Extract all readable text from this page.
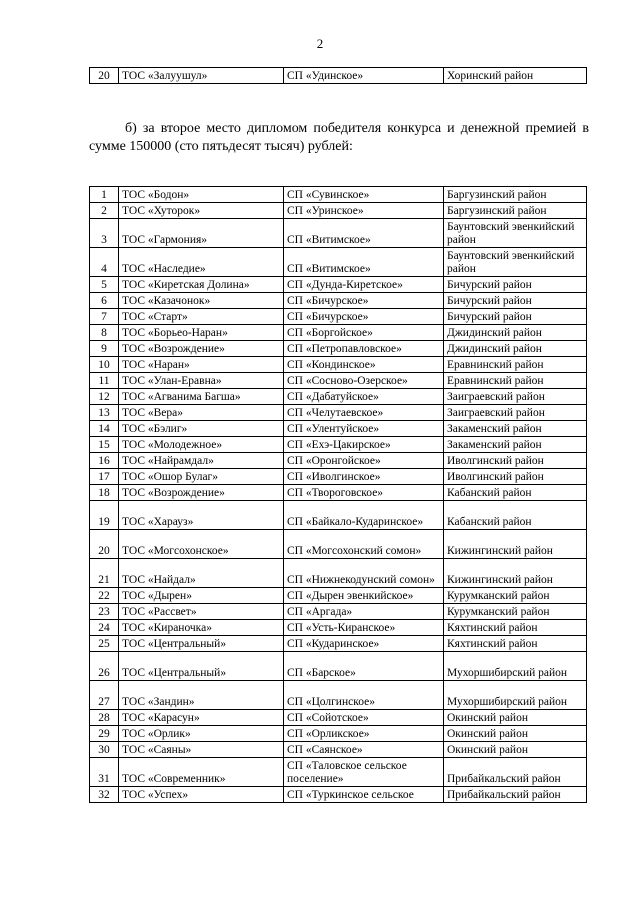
2
20	ТОС «Залуушул»	СП «Удинское»	Хоринский район

б) за второе место дипломом победителя конкурса и денежной премией в сумме 150000 (сто пятьдесят тысяч) рублей:

1	ТОС «Бодон»	СП «Сувинское»	Баргузинский район
2	ТОС «Хуторок»	СП «Уринское»	Баргузинский район
3	ТОС «Гармония»	СП «Витимское»	Баунтовский эвенкийский район
4	ТОС «Наследие»	СП «Витимское»	Баунтовский эвенкийский район
5	ТОС «Киретская Долина»	СП «Дунда-Киретское»	Бичурский район
6	ТОС «Казачонок»	СП «Бичурское»	Бичурский район
7	ТОС «Старт»	СП «Бичурское»	Бичурский район
8	ТОС «Борьео-Наран»	СП «Боргойское»	Джидинский район
9	ТОС «Возрождение»	СП «Петропавловское»	Джидинский район
10	ТОС «Наран»	СП «Кондинское»	Еравнинский район
11	ТОС «Улан-Еравна»	СП «Сосново-Озерское»	Еравнинский район
12	ТОС «Агванима Багша»	СП «Дабатуйское»	Заиграевский район
13	ТОС «Вера»	СП «Челутаевское»	Заиграевский район
14	ТОС «Бэлиг»	СП «Улентуйское»	Закаменский район
15	ТОС «Молодежное»	СП «Ехэ-Цакирское»	Закаменский район
16	ТОС «Найрамдал»	СП «Оронгойское»	Иволгинский район
17	ТОС «Ошор Булаг»	СП «Иволгинское»	Иволгинский район
18	ТОС «Возрождение»	СП «Твороговское»	Кабанский район
19	ТОС «Харауз»	СП «Байкало-Кударинское»	Кабанский район
20	ТОС «Могсохонское»	СП «Могсохонский сомон»	Кижингинский район
21	ТОС «Найдал»	СП «Нижнекодунский сомон»	Кижингинский район
22	ТОС «Дырен»	СП «Дырен эвенкийское»	Курумканский район
23	ТОС «Рассвет»	СП «Аргада»	Курумканский район
24	ТОС «Кираночка»	СП «Усть-Киранское»	Кяхтинский район
25	ТОС «Центральный»	СП «Кударинское»	Кяхтинский район
26	ТОС «Центральный»	СП «Барское»	Мухоршибирский район
27	ТОС «Зандин»	СП «Цолгинское»	Мухоршибирский район
28	ТОС «Карасун»	СП «Сойотское»	Окинский район
29	ТОС «Орлик»	СП «Орликское»	Окинский район
30	ТОС «Саяны»	СП «Саянское»	Окинский район
31	ТОС «Современник»	СП «Таловское сельское поселение»	Прибайкальский район
32	ТОС «Успех»	СП «Туркинское сельское	Прибайкальский район
